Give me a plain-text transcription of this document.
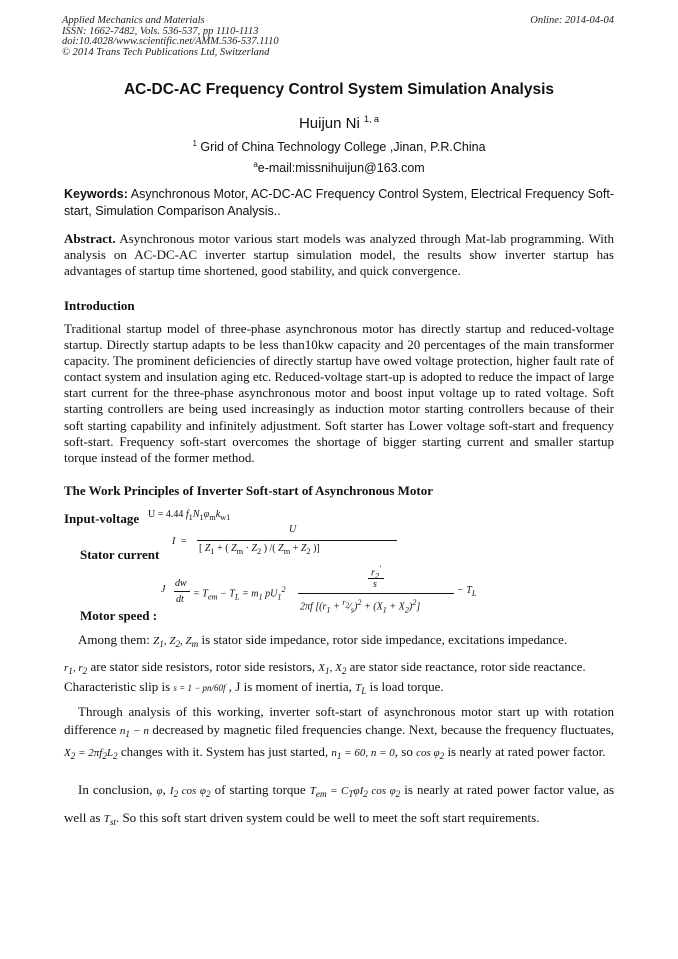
Applied Mechanics and Materials
ISSN: 1662-7482, Vols. 536-537, pp 1110-1113
doi:10.4028/www.scientific.net/AMM.536-537.1110
© 2014 Trans Tech Publications Ltd, Switzerland
Online: 2014-04-04
AC-DC-AC Frequency Control System Simulation Analysis
Huijun Ni $^{1, a}$
$^1$ Grid of China Technology College ,Jinan, P.R.China
$^a$e-mail:missnihuijun@163.com
Keywords: Asynchronous Motor, AC-DC-AC Frequency Control System, Electrical Frequency Soft-start, Simulation Comparison Analysis..
Abstract. Asynchronous motor various start models was analyzed through Mat-lab programming. With analysis on AC-DC-AC inverter startup simulation model, the results show inverter startup has advantages of startup time shortened, good stability, and quick convergence.
Introduction
Traditional startup model of three-phase asynchronous motor has directly startup and reduced-voltage startup. Directly startup adapts to be less than10kw capacity and 20 percentages of the main transformer capacity. The prominent deficiencies of directly startup have owed voltage protection, higher fault rate of contact system and insulation aging etc. Reduced-voltage start-up is adopted to reduce the impact of large start current for the three-phase asynchronous motor and boost input voltage up to rated voltage. Soft starting controllers are being used increasingly as induction motor starting controllers because of their soft starting capability and infinitely adjustment. Soft starter has Lower voltage soft-start and frequency soft-start. Frequency soft-start overcomes the shortage of bigger starting current and smaller startup torque instead of the former method.
The Work Principles of Inverter Soft-start of Asynchronous Motor
Input-voltage U = 4.44 $f_1N_1\varphi_mk_{w1}$
Stator current
I  =
U
[ $Z_1$ + ( $Z_m \cdot Z_2$ ) /( $Z_m + Z_2$ )]
J
dw
dt
= $T_{em} - T_L = m_1$ $pU_1^2$
$r_2'$
s
2πf [($r_1$ + $^{r_2}⁄_s)^2 + (X_1 + X_2)^2$]
− $T_L$
Motor speed :
Among them: $Z_1$, $Z_2$, $Z_m$ is stator side impedance, rotor side impedance, excitations impedance.
$r_1$, $r_2$ are stator side resistors, rotor side resistors, $X_1$, $X_2$ are stator side reactance, rotor side reactance. Characteristic slip is s = 1 − pn/60f , J is moment of inertia, $T_L$ is load torque.
Through analysis of this working, inverter soft-start of asynchronous motor start up with rotation difference $n_1 - n$ decreased by magnetic filed frequencies change. Next, because the frequency fluctuates, $X_2 = 2\pi f_2L_2$ changes with it. System has just started, $n_1 = 60$, n = 0, so $\cos \varphi_2$ is nearly at rated power factor.
In conclusion, φ, $I_2$ $\cos \varphi_2$ of starting torque $T_{em} = C_T\varphi I_2$ $\cos \varphi_2$ is nearly at rated power factor value, as well as $T_{st}$. So this soft start driven system could be well to meet the soft start requirements.
